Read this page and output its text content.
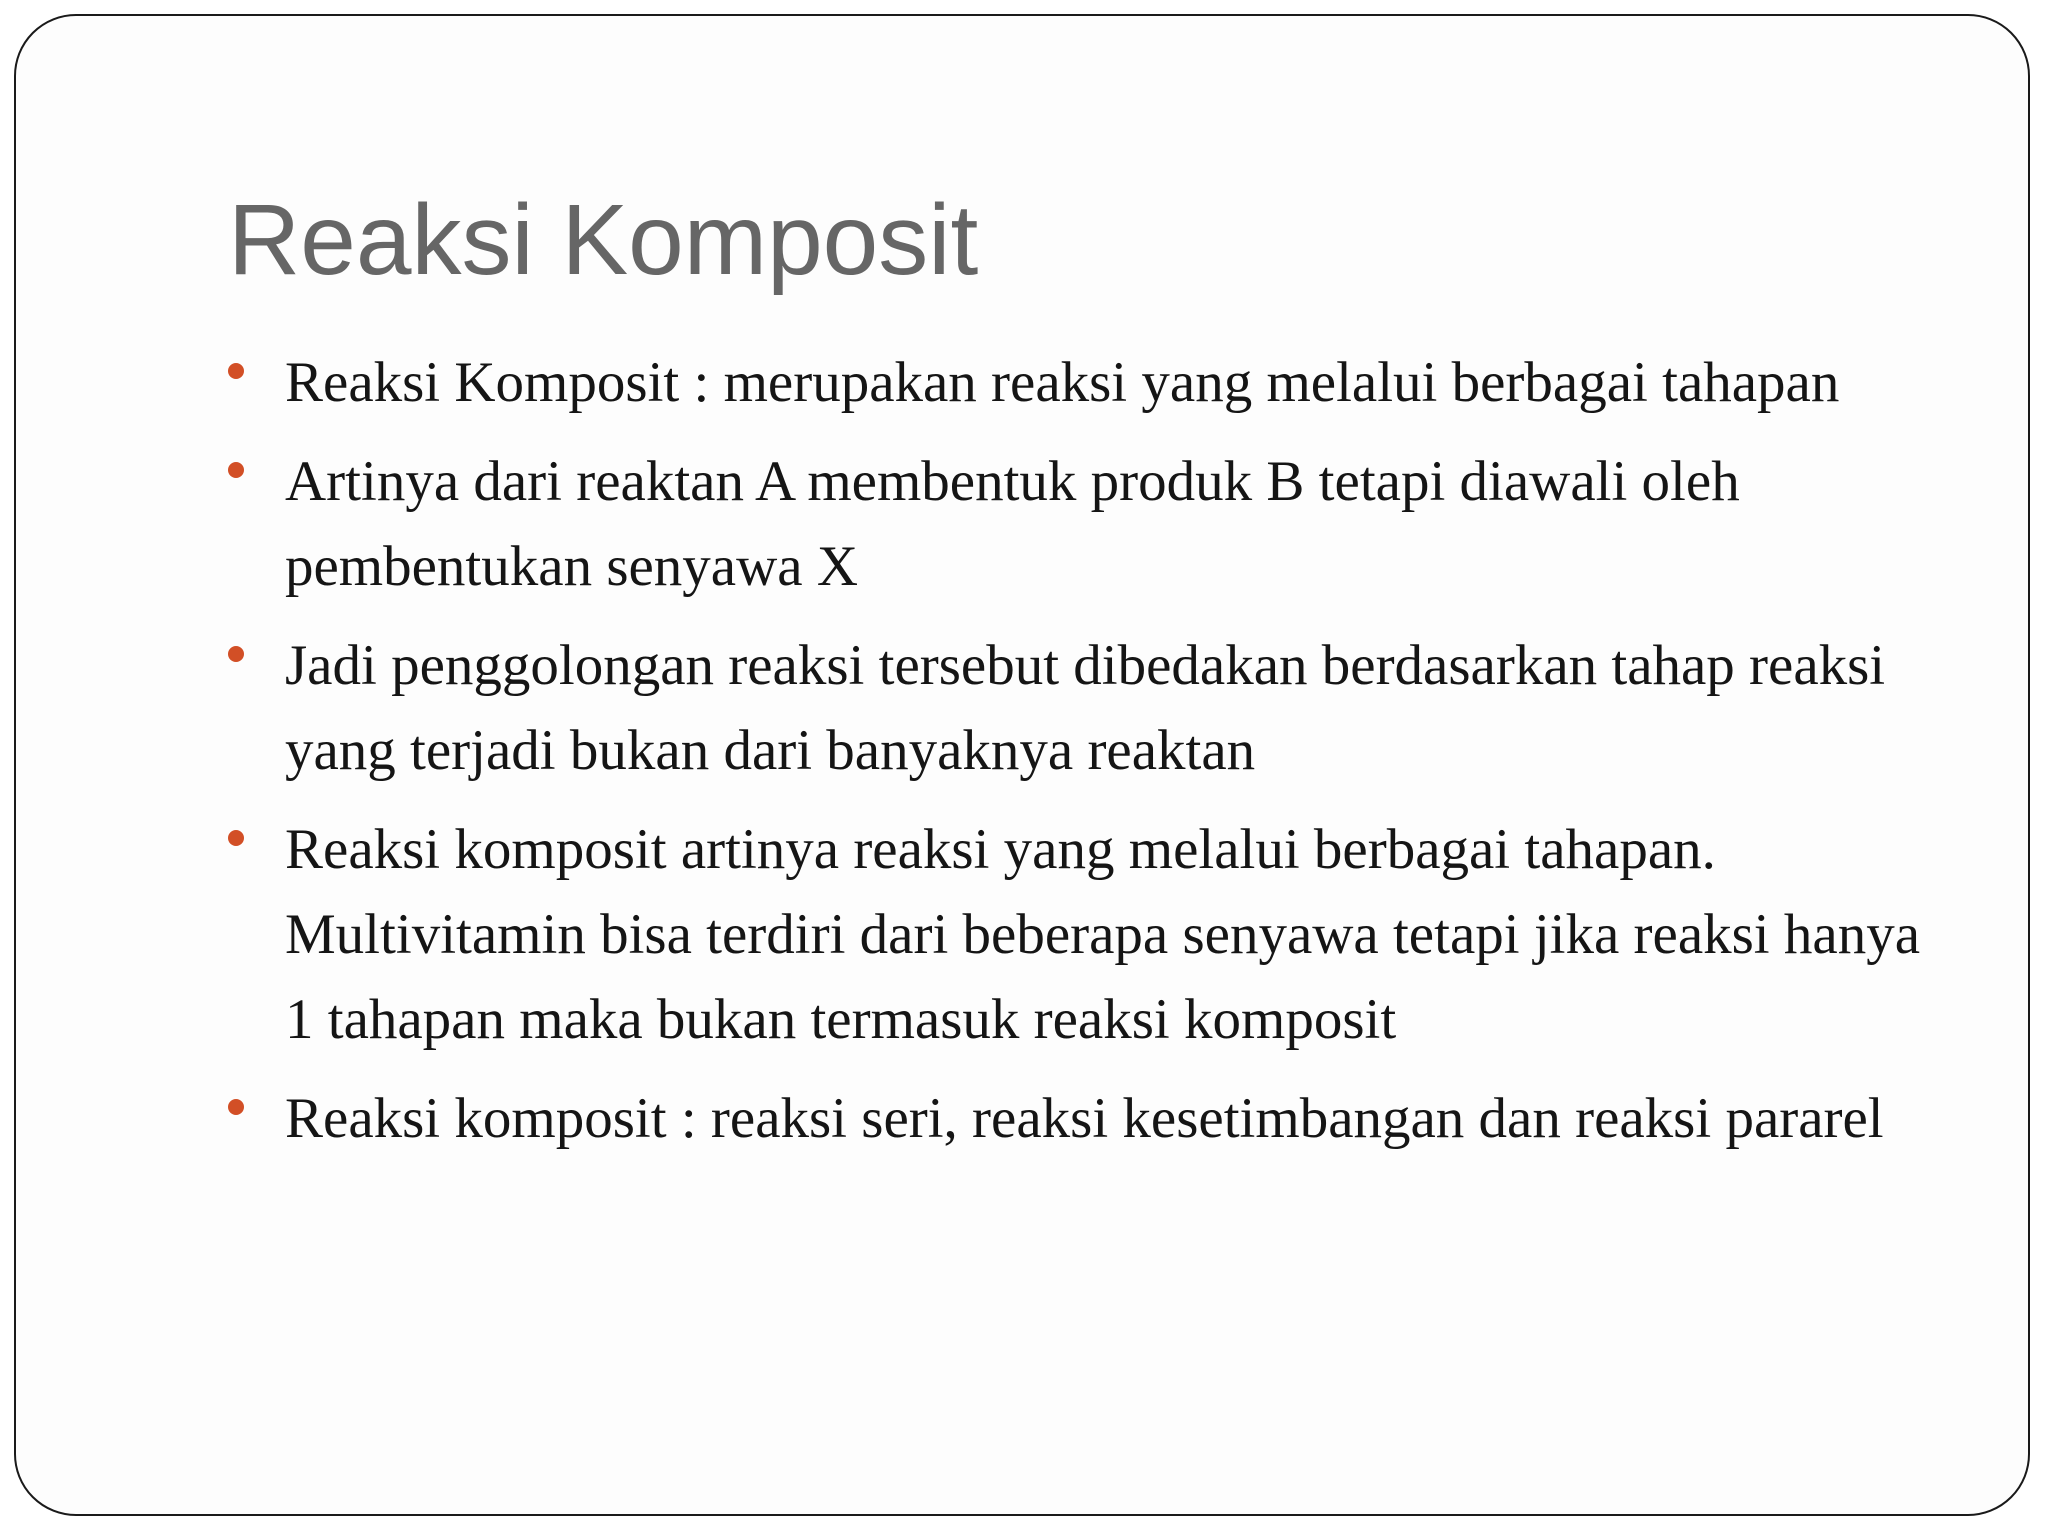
Reaksi Komposit
Reaksi Komposit : merupakan reaksi yang melalui berbagai tahapan
Artinya dari reaktan A membentuk produk B tetapi diawali oleh pembentukan senyawa X
Jadi penggolongan reaksi tersebut dibedakan berdasarkan tahap reaksi yang terjadi bukan dari banyaknya reaktan
Reaksi komposit artinya reaksi yang melalui berbagai tahapan. Multivitamin bisa terdiri dari beberapa senyawa tetapi jika reaksi hanya 1 tahapan maka bukan termasuk reaksi komposit
Reaksi komposit : reaksi seri, reaksi kesetimbangan dan reaksi pararel
